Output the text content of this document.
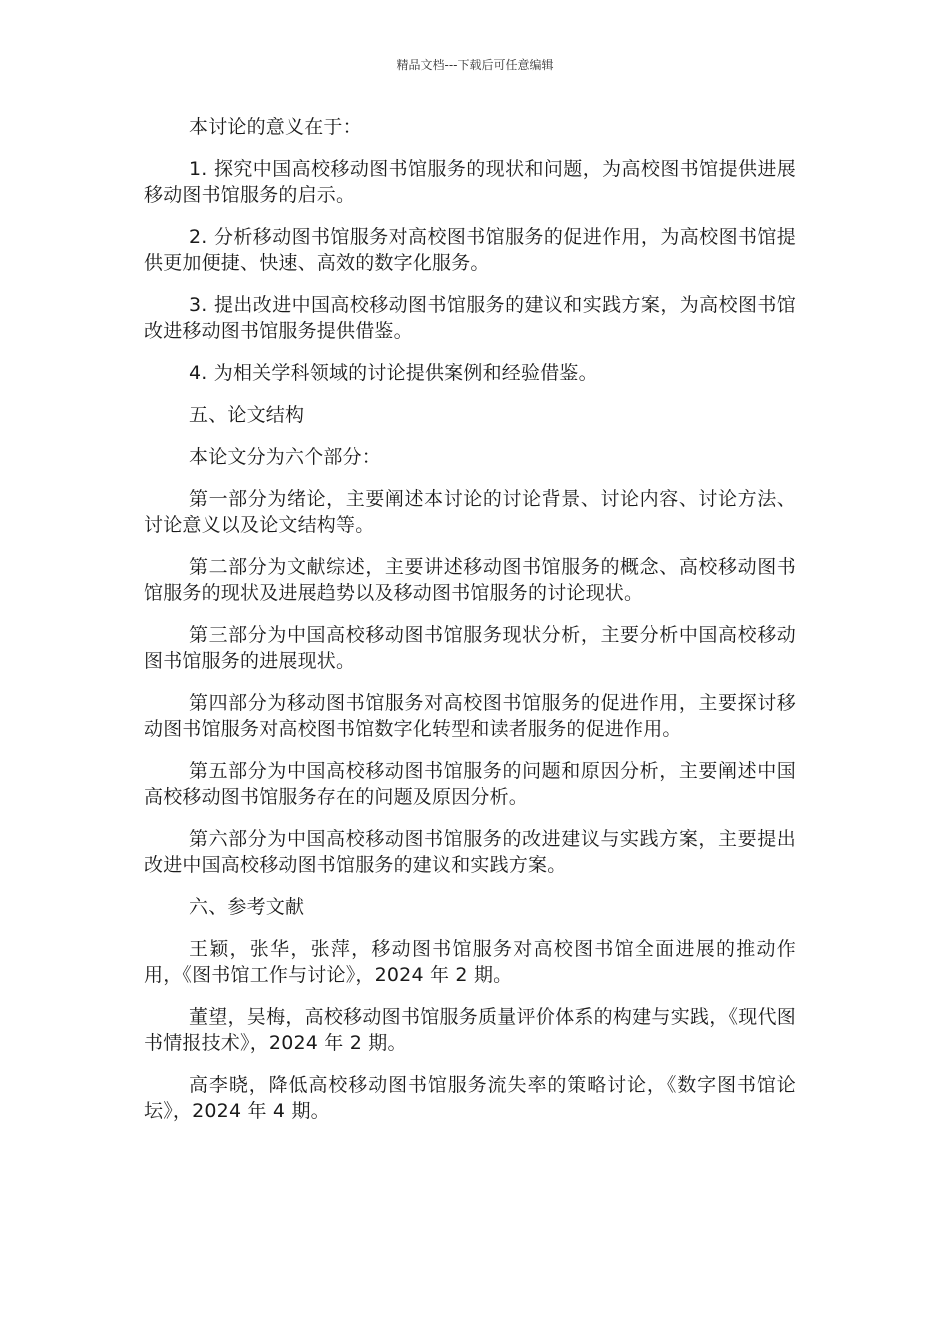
精品文档---下载后可任意编辑

本讨论的意义在于：

1. 探究中国高校移动图书馆服务的现状和问题，为高校图书馆提供进展移动图书馆服务的启示。

2. 分析移动图书馆服务对高校图书馆服务的促进作用，为高校图书馆提供更加便捷、快速、高效的数字化服务。

3. 提出改进中国高校移动图书馆服务的建议和实践方案，为高校图书馆改进移动图书馆服务提供借鉴。

4. 为相关学科领域的讨论提供案例和经验借鉴。

五、论文结构

本论文分为六个部分：

第一部分为绪论，主要阐述本讨论的讨论背景、讨论内容、讨论方法、讨论意义以及论文结构等。

第二部分为文献综述，主要讲述移动图书馆服务的概念、高校移动图书馆服务的现状及进展趋势以及移动图书馆服务的讨论现状。

第三部分为中国高校移动图书馆服务现状分析，主要分析中国高校移动图书馆服务的进展现状。

第四部分为移动图书馆服务对高校图书馆服务的促进作用，主要探讨移动图书馆服务对高校图书馆数字化转型和读者服务的促进作用。

第五部分为中国高校移动图书馆服务的问题和原因分析，主要阐述中国高校移动图书馆服务存在的问题及原因分析。

第六部分为中国高校移动图书馆服务的改进建议与实践方案，主要提出改进中国高校移动图书馆服务的建议和实践方案。

六、参考文献

王颖，张华，张萍，移动图书馆服务对高校图书馆全面进展的推动作用，《图书馆工作与讨论》，2024 年 2 期。

董望，吴梅，高校移动图书馆服务质量评价体系的构建与实践，《现代图书情报技术》，2024 年 2 期。

高李晓，降低高校移动图书馆服务流失率的策略讨论，《数字图书馆论坛》，2024 年 4 期。
